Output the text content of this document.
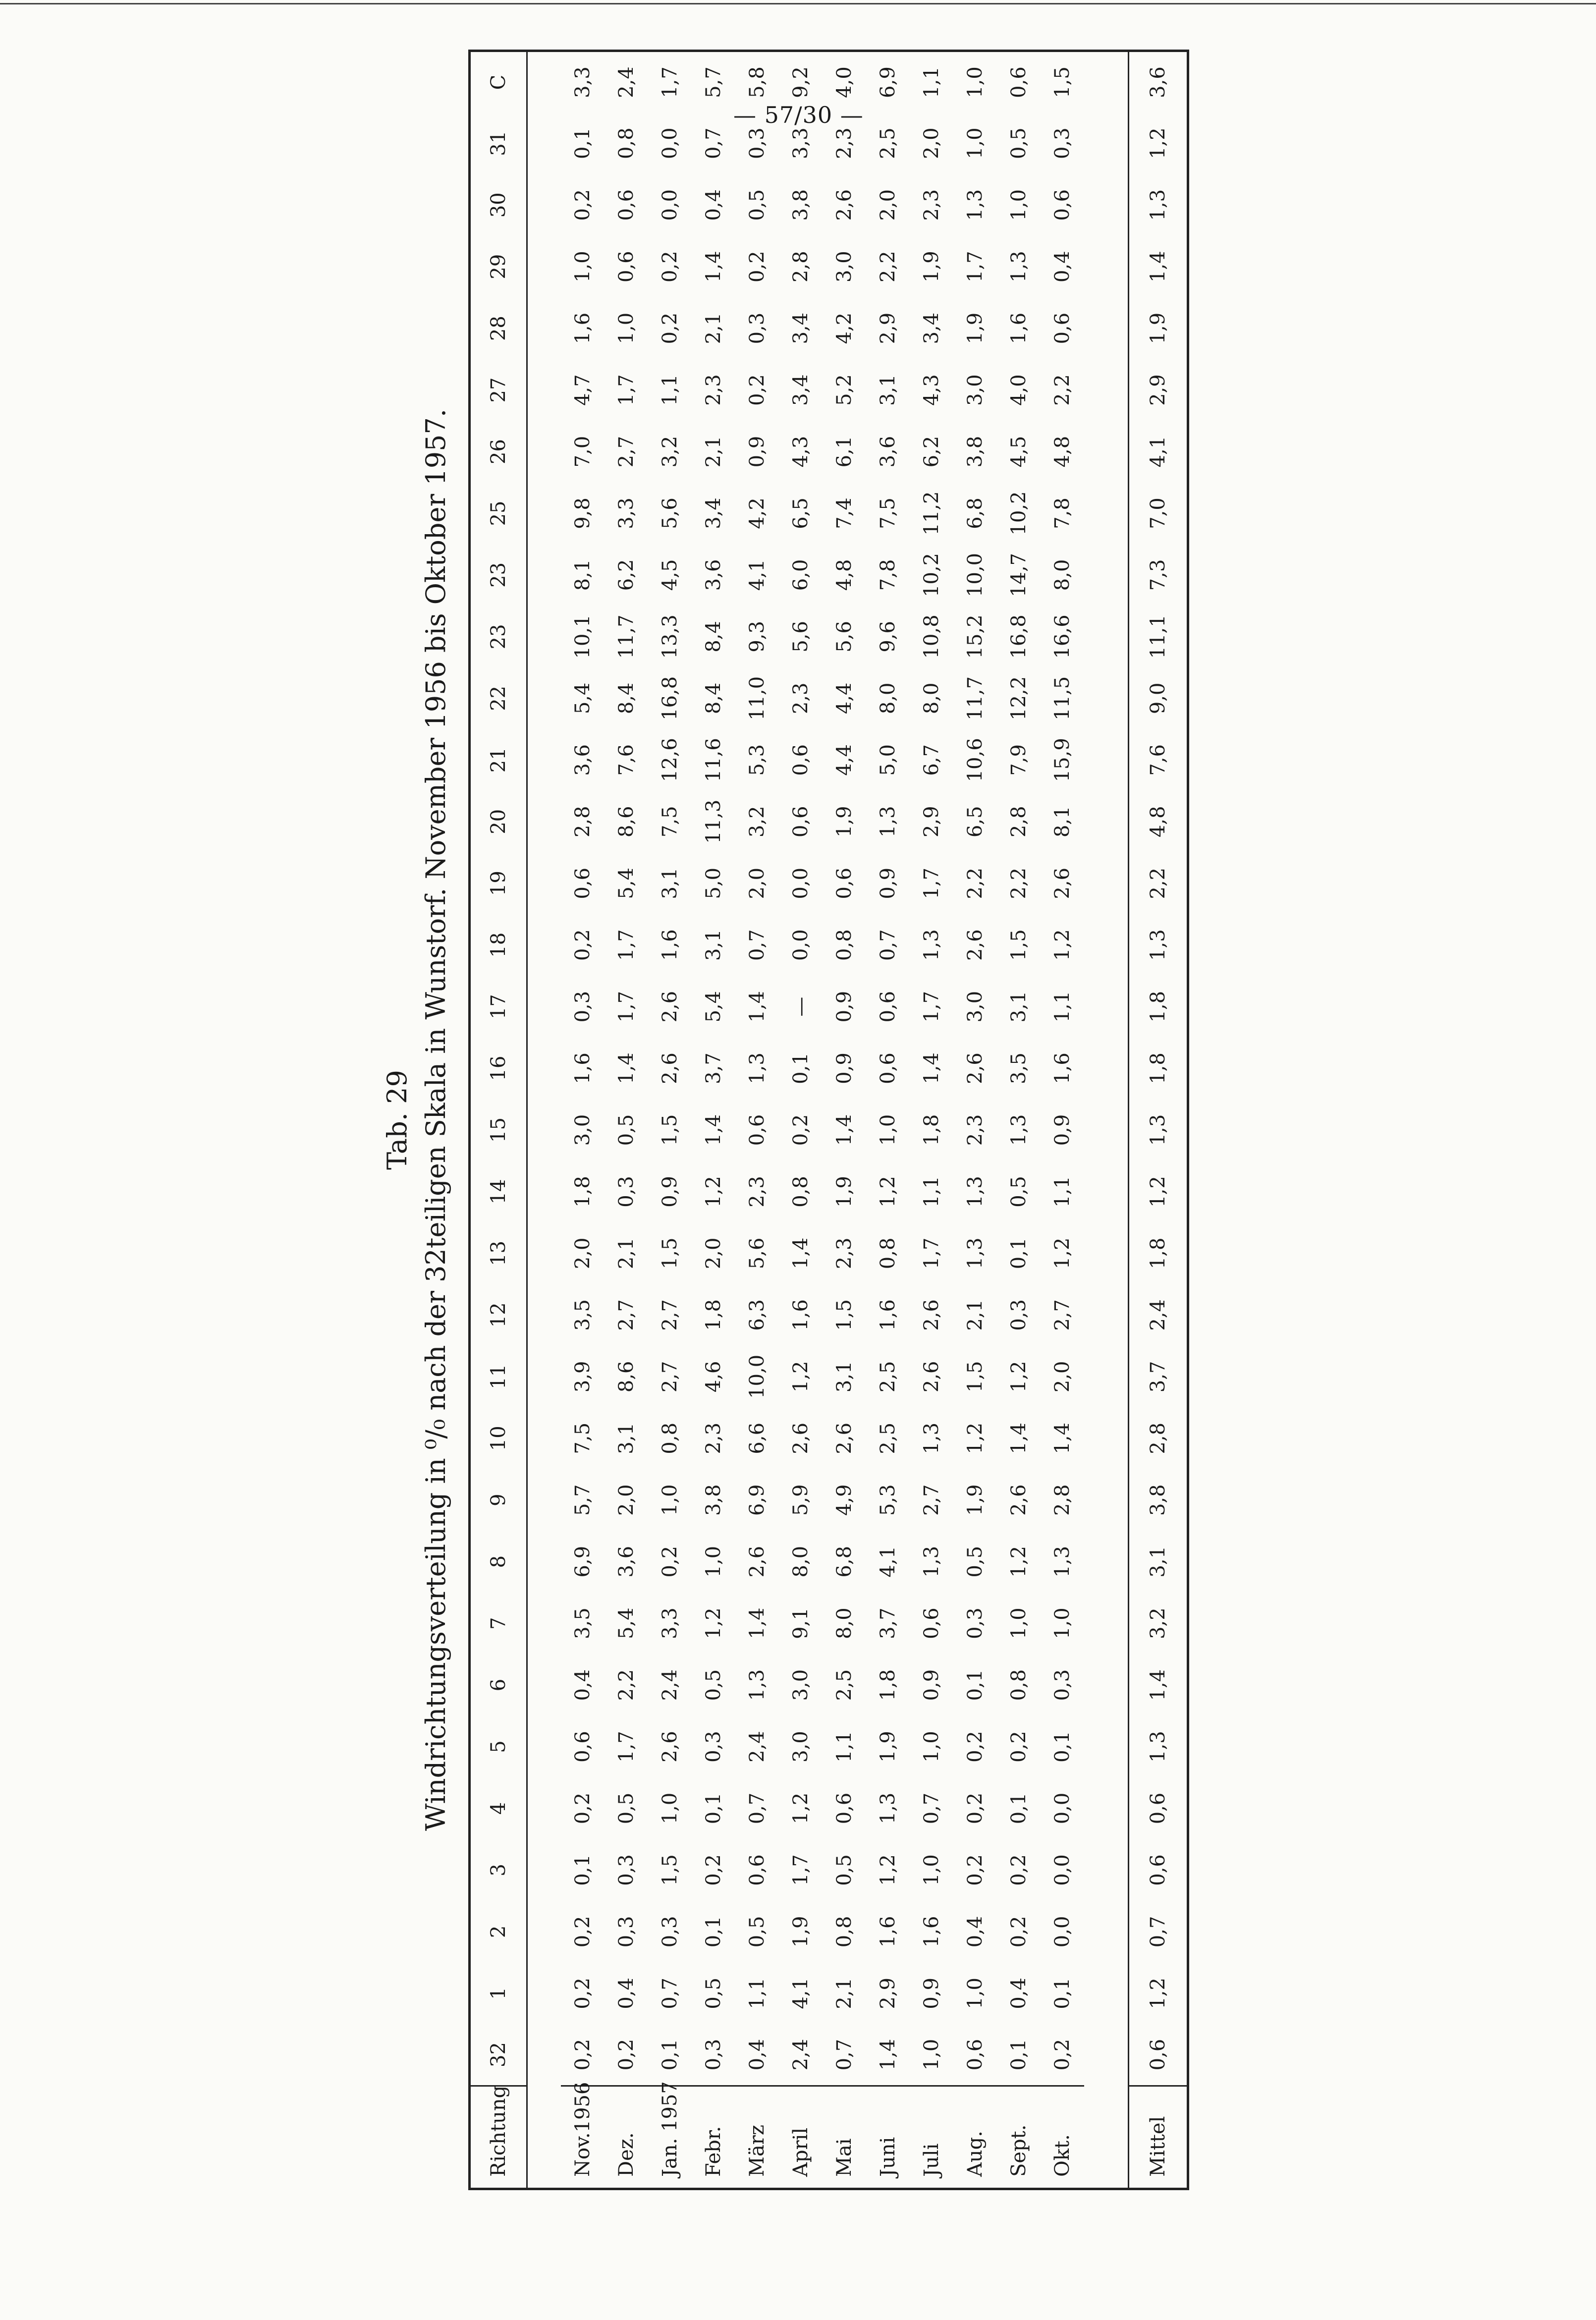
— 57/30 —
Tab. 29 Windrichtungsverteilung in ⁰/₀ nach der 32teiligen Skala in Wunstorf. November 1956 bis Oktober 1957.
Richtung	32	1	2	3	4	5	6	7	8	9	10	11	12	13	14	15	16	17	18	19	20	21	22	23	23	25	26	27	28	29	30	31	C

Nov.1956	0,2	0,2	0,2	0,1	0,2	0,6	0,4	3,5	6,9	5,7	7,5	3,9	3,5	2,0	1,8	3,0	1,6	0,3	0,2	0,6	2,8	3,6	5,4	10,1	8,1	9,8	7,0	4,7	1,6	1,0	0,2	0,1	3,3
Dez.	0,2	0,4	0,3	0,3	0,5	1,7	2,2	5,4	3,6	2,0	3,1	8,6	2,7	2,1	0,3	0,5	1,4	1,7	1,7	5,4	8,6	7,6	8,4	11,7	6,2	3,3	2,7	1,7	1,0	0,6	0,6	0,8	2,4
Jan. 1957	0,1	0,7	0,3	1,5	1,0	2,6	2,4	3,3	0,2	1,0	0,8	2,7	2,7	1,5	0,9	1,5	2,6	2,6	1,6	3,1	7,5	12,6	16,8	13,3	4,5	5,6	3,2	1,1	0,2	0,2	0,0	0,0	1,7
Febr.	0,3	0,5	0,1	0,2	0,1	0,3	0,5	1,2	1,0	3,8	2,3	4,6	1,8	2,0	1,2	1,4	3,7	5,4	3,1	5,0	11,3	11,6	8,4	8,4	3,6	3,4	2,1	2,3	2,1	1,4	0,4	0,7	5,7
März	0,4	1,1	0,5	0,6	0,7	2,4	1,3	1,4	2,6	6,9	6,6	10,0	6,3	5,6	2,3	0,6	1,3	1,4	0,7	2,0	3,2	5,3	11,0	9,3	4,1	4,2	0,9	0,2	0,3	0,2	0,5	0,3	5,8
April	2,4	4,1	1,9	1,7	1,2	3,0	3,0	9,1	8,0	5,9	2,6	1,2	1,6	1,4	0,8	0,2	0,1	—	0,0	0,0	0,6	0,6	2,3	5,6	6,0	6,5	4,3	3,4	3,4	2,8	3,8	3,3	9,2
Mai	0,7	2,1	0,8	0,5	0,6	1,1	2,5	8,0	6,8	4,9	2,6	3,1	1,5	2,3	1,9	1,4	0,9	0,9	0,8	0,6	1,9	4,4	4,4	5,6	4,8	7,4	6,1	5,2	4,2	3,0	2,6	2,3	4,0
Juni	1,4	2,9	1,6	1,2	1,3	1,9	1,8	3,7	4,1	5,3	2,5	2,5	1,6	0,8	1,2	1,0	0,6	0,6	0,7	0,9	1,3	5,0	8,0	9,6	7,8	7,5	3,6	3,1	2,9	2,2	2,0	2,5	6,9
Juli	1,0	0,9	1,6	1,0	0,7	1,0	0,9	0,6	1,3	2,7	1,3	2,6	2,6	1,7	1,1	1,8	1,4	1,7	1,3	1,7	2,9	6,7	8,0	10,8	10,2	11,2	6,2	4,3	3,4	1,9	2,3	2,0	1,1
Aug.	0,6	1,0	0,4	0,2	0,2	0,2	0,1	0,3	0,5	1,9	1,2	1,5	2,1	1,3	1,3	2,3	2,6	3,0	2,6	2,2	6,5	10,6	11,7	15,2	10,0	6,8	3,8	3,0	1,9	1,7	1,3	1,0	1,0
Sept.	0,1	0,4	0,2	0,2	0,1	0,2	0,8	1,0	1,2	2,6	1,4	1,2	0,3	0,1	0,5	1,3	3,5	3,1	1,5	2,2	2,8	7,9	12,2	16,8	14,7	10,2	4,5	4,0	1,6	1,3	1,0	0,5	0,6
Okt.	0,2	0,1	0,0	0,0	0,0	0,1	0,3	1,0	1,3	2,8	1,4	2,0	2,7	1,2	1,1	0,9	1,6	1,1	1,2	2,6	8,1	15,9	11,5	16,6	8,0	7,8	4,8	2,2	0,6	0,4	0,6	0,3	1,5

Mittel	0,6	1,2	0,7	0,6	0,6	1,3	1,4	3,2	3,1	3,8	2,8	3,7	2,4	1,8	1,2	1,3	1,8	1,8	1,3	2,2	4,8	7,6	9,0	11,1	7,3	7,0	4,1	2,9	1,9	1,4	1,3	1,2	3,6
